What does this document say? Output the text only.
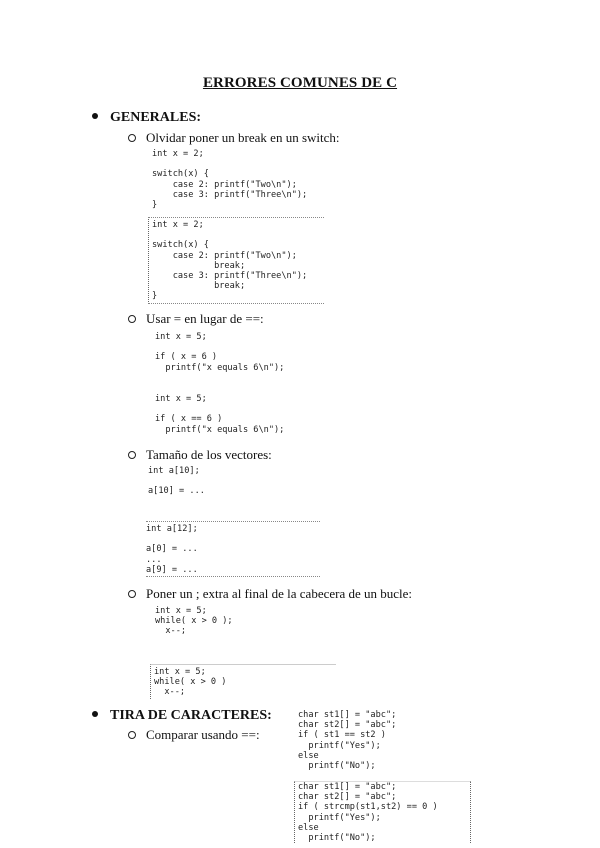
ERRORES COMUNES DE C
GENERALES:
Olvidar poner un break en un switch:
int x = 2;

switch(x) {
case 2: printf("Two\n");
case 3: printf("Three\n");
}
int x = 2;

switch(x) {
case 2: printf("Two\n");
break;
case 3: printf("Three\n");
break;
}
Usar = en lugar de ==:
int x = 5;

if ( x = 6 )
printf("x equals 6\n");
int x = 5;

if ( x == 6 )
printf("x equals 6\n");
Tamaño de los vectores:
int a[10];

a[10] = ...
int a[12];

a[0] = ...
...
a[9] = ...
Poner un ; extra al final de la cabecera de un bucle:
int x = 5;
while( x > 0 );
x--;
int x = 5;
while( x > 0 )
x--;
TIRA DE CARACTERES:
Comparar usando ==:
char st1[] = "abc";
char st2[] = "abc";
if ( st1 == st2 )
printf("Yes");
else
printf("No");
char st1[] = "abc";
char st2[] = "abc";
if ( strcmp(st1,st2) == 0 )
printf("Yes");
else
printf("No");
